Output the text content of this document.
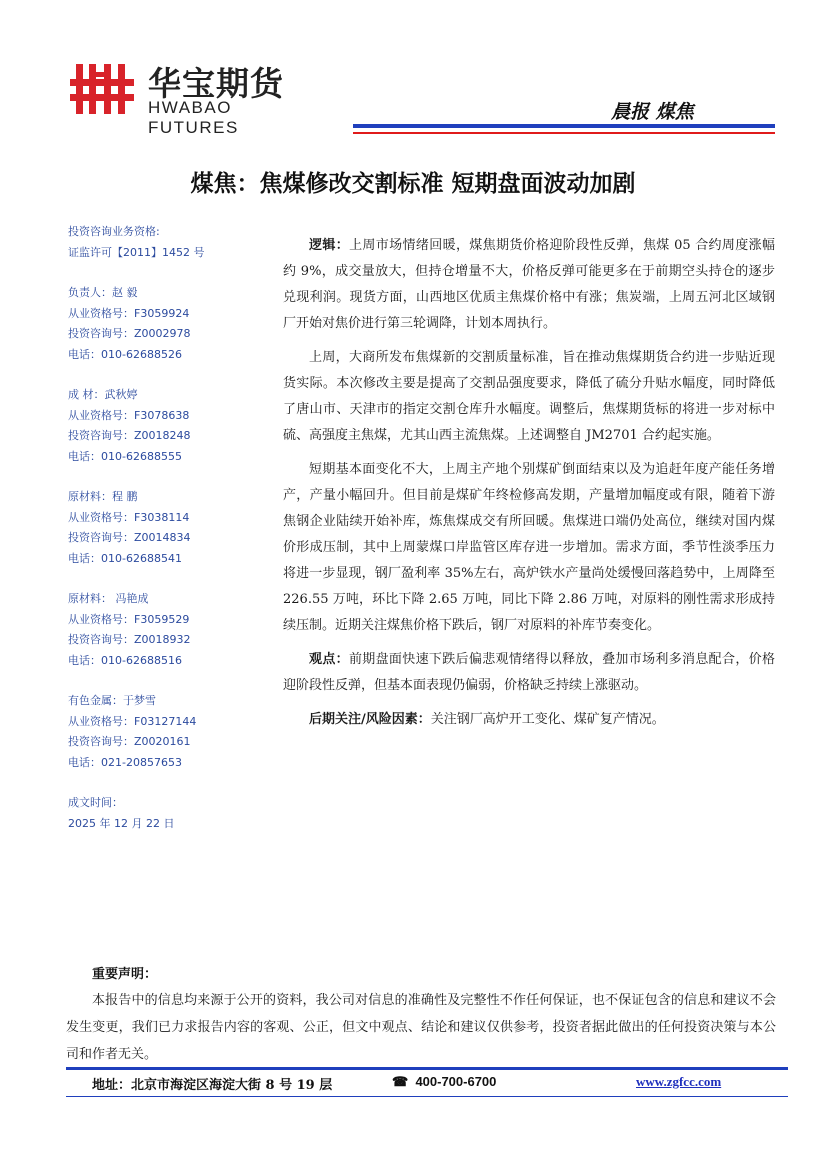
华宝期货
HWABAO FUTURES
晨报 煤焦
煤焦：焦煤修改交割标准 短期盘面波动加剧
投资咨询业务资格:
证监许可【2011】1452 号
负责人：赵 毅
从业资格号：F3059924
投资咨询号：Z0002978
电话：010-62688526
成 材：武秋婷
从业资格号：F3078638
投资咨询号：Z0018248
电话：010-62688555
原材料：程 鹏
从业资格号：F3038114
投资咨询号：Z0014834
电话：010-62688541
原材料： 冯艳成
从业资格号：F3059529
投资咨询号：Z0018932
电话：010-62688516
有色金属：于梦雪
从业资格号：F03127144
投资咨询号：Z0020161
电话：021-20857653
成文时间：
2025 年 12 月 22 日

逻辑：上周市场情绪回暖，煤焦期货价格迎阶段性反弹，焦煤 05 合约周度涨幅约 9%，成交量放大，但持仓增量不大，价格反弹可能更多在于前期空头持仓的逐步兑现利润。现货方面，山西地区优质主焦煤价格中有涨；焦炭端，上周五河北区域钢厂开始对焦价进行第三轮调降，计划本周执行。

上周，大商所发布焦煤新的交割质量标准，旨在推动焦煤期货合约进一步贴近现货实际。本次修改主要是提高了交割品强度要求，降低了硫分升贴水幅度，同时降低了唐山市、天津市的指定交割仓库升水幅度。调整后，焦煤期货标的将进一步对标中硫、高强度主焦煤，尤其山西主流焦煤。上述调整自 JM2701 合约起实施。

短期基本面变化不大，上周主产地个别煤矿倒面结束以及为追赶年度产能任务增产，产量小幅回升。但目前是煤矿年终检修高发期，产量增加幅度或有限，随着下游焦钢企业陆续开始补库，炼焦煤成交有所回暖。焦煤进口端仍处高位，继续对国内煤价形成压制，其中上周蒙煤口岸监管区库存进一步增加。需求方面，季节性淡季压力将进一步显现，钢厂盈利率 35%左右，高炉铁水产量尚处缓慢回落趋势中，上周降至 226.55 万吨，环比下降 2.65 万吨，同比下降 2.86 万吨，对原料的刚性需求形成持续压制。近期关注煤焦价格下跌后，钢厂对原料的补库节奏变化。

观点：前期盘面快速下跌后偏悲观情绪得以释放，叠加市场利多消息配合，价格迎阶段性反弹，但基本面表现仍偏弱，价格缺乏持续上涨驱动。

后期关注/风险因素：关注钢厂高炉开工变化、煤矿复产情况。

重要声明：
本报告中的信息均来源于公开的资料，我公司对信息的准确性及完整性不作任何保证，也不保证包含的信息和建议不会发生变更，我们已力求报告内容的客观、公正，但文中观点、结论和建议仅供参考，投资者据此做出的任何投资决策与本公司和作者无关。
地址：北京市海淀区海淀大街 8 号 19 层	☎ 400-700-6700	www.zgfcc.com
